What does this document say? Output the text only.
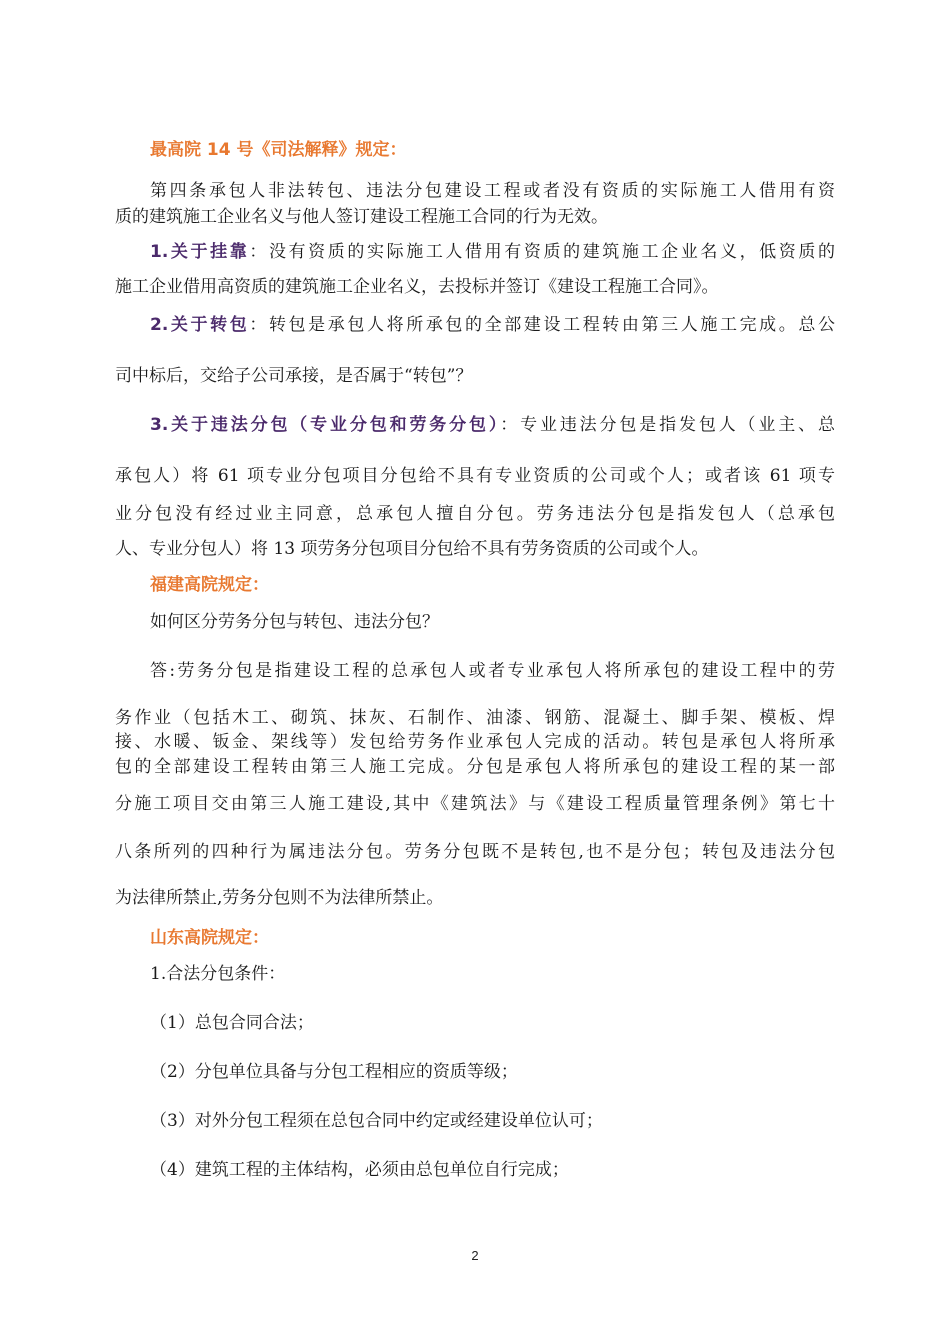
最高院 14 号《司法解释》规定：
第四条承包人非法转包、违法分包建设工程或者没有资质的实际施工人借用有资
质的建筑施工企业名义与他人签订建设工程施工合同的行为无效。
1.关于挂靠：没有资质的实际施工人借用有资质的建筑施工企业名义，低资质的
施工企业借用高资质的建筑施工企业名义，去投标并签订《建设工程施工合同》。
2.关于转包：转包是承包人将所承包的全部建设工程转由第三人施工完成。总公
司中标后，交给子公司承接，是否属于“转包”？
3.关于违法分包（专业分包和劳务分包）：专业违法分包是指发包人（业主、总
承包人）将 61 项专业分包项目分包给不具有专业资质的公司或个人；或者该 61 项专
业分包没有经过业主同意，总承包人擅自分包。劳务违法分包是指发包人（总承包
人、专业分包人）将 13 项劳务分包项目分包给不具有劳务资质的公司或个人。
福建高院规定：
如何区分劳务分包与转包、违法分包？
答:劳务分包是指建设工程的总承包人或者专业承包人将所承包的建设工程中的劳
务作业（包括木工、砌筑、抹灰、石制作、油漆、钢筋、混凝土、脚手架、模板、焊
接、水暖、钣金、架线等）发包给劳务作业承包人完成的活动。转包是承包人将所承
包的全部建设工程转由第三人施工完成。分包是承包人将所承包的建设工程的某一部
分施工项目交由第三人施工建设,其中《建筑法》与《建设工程质量管理条例》第七十
八条所列的四种行为属违法分包。劳务分包既不是转包,也不是分包；转包及违法分包
为法律所禁止,劳务分包则不为法律所禁止。
山东高院规定：
1.合法分包条件：
（1）总包合同合法；
（2）分包单位具备与分包工程相应的资质等级；
（3）对外分包工程须在总包合同中约定或经建设单位认可；
（4）建筑工程的主体结构，必须由总包单位自行完成；
2
